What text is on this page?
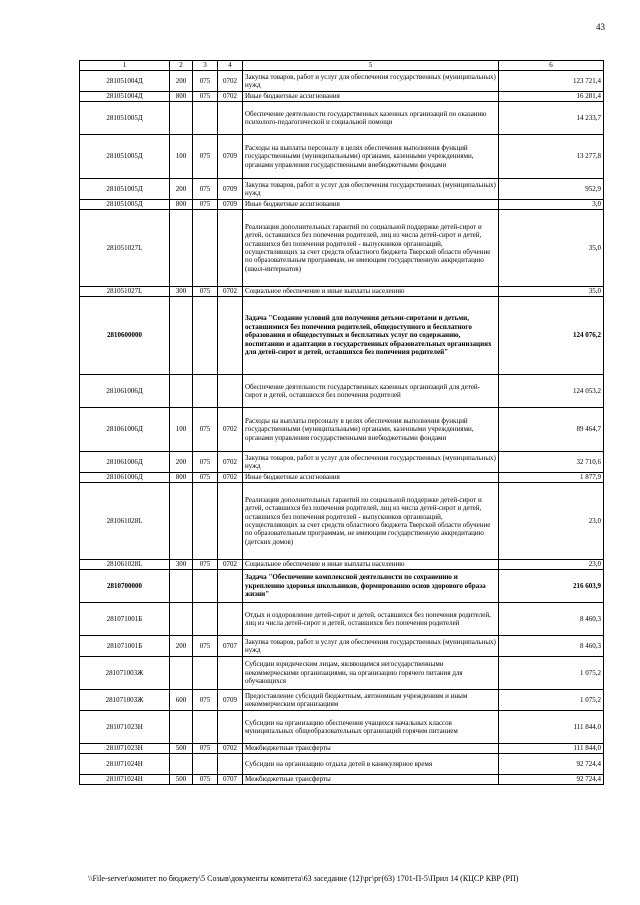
43
1	2	3	4	5	6
281051004Д	200	075	0702	Закупка товаров, работ и услуг для обеспечения государственных (муниципальных) нужд	123 721,4
281051004Д	800	075	0702	Иные бюджетные ассигнования	16 281,4
281051005Д				Обеспечение деятельности государственных казенных организаций по оказанию психолого-педагогической и социальной помощи	14 233,7
281051005Д	100	075	0709	Расходы на выплаты персоналу в целях обеспечения выполнения функций государственными (муниципальными) органами, казенными учреждениями, органами управления государственными внебюджетными фондами	13 277,8
281051005Д	200	075	0709	Закупка товаров, работ и услуг для обеспечения государственных (муниципальных) нужд	952,9
281051005Д	800	075	0709	Иные бюджетные ассигнования	3,0
281051027L				Реализация дополнительных гарантий по социальной поддержке детей-сирот и детей, оставшихся без попечения родителей, лиц из числа детей-сирот и детей, оставшихся без попечения родителей - выпускников организаций, осуществляющих за счет средств областного бюджета Тверской области обучение по образовательным программам, не имеющим государственную аккредитацию (школ-интернатов)	35,0
281051027L	300	075	0702	Социальное обеспечение и иные выплаты населению	35,0
2810600000				Задача "Создание условий для получения детьми-сиротами и детьми, оставшимися без попечения родителей, общедоступного и бесплатного образования и общедоступных и бесплатных услуг по содержанию, воспитанию и адаптации в государственных образовательных организациях для детей-сирот и детей, оставшихся без попечения родителей"	124 076,2
281061006Д				Обеспечение деятельности государственных казенных организаций для детей-сирот и детей, оставшихся без попечения родителей	124 053,2
281061006Д	100	075	0702	Расходы на выплаты персоналу в целях обеспечения выполнения функций государственными (муниципальными) органами, казенными учреждениями, органами управления государственными внебюджетными фондами	89 464,7
281061006Д	200	075	0702	Закупка товаров, работ и услуг для обеспечения государственных (муниципальных) нужд	32 710,6
281061006Д	800	075	0702	Иные бюджетные ассигнования	1 877,9
281061028L				Реализация дополнительных гарантий по социальной поддержке детей-сирот и детей, оставшихся без попечения родителей, лиц из числа детей-сирот и детей, оставшихся без попечения родителей - выпускников организаций, осуществляющих за счет средств областного бюджета Тверской области обучение по образовательным программам, не имеющим государственную аккредитацию (детских домов)	23,0
281061028L	300	075	0702	Социальное обеспечение и иные выплаты населению	23,0
2810700000				Задача "Обеспечение комплексной деятельности по сохранению и укреплению здоровья школьников, формированию основ здорового образа жизни"	216 603,9
281071001Б				Отдых и оздоровление детей-сирот и детей, оставшихся без попечения родителей, лиц из числа детей-сирот и детей, оставшихся без попечения родителей	8 460,3
281071001Б	200	075	0707	Закупка товаров, работ и услуг для обеспечения государственных (муниципальных) нужд	8 460,3
281071003Ж				Субсидии юридическим лицам, являющимся негосударственными некоммерческими организациями, на организацию горячего питания для обучающихся	1 075,2
281071003Ж	600	075	0709	Предоставление субсидий бюджетным, автономным учреждениям и иным некоммерческим организациям	1 075,2
281071023Н				Субсидии на организацию обеспечения учащихся начальных классов муниципальных общеобразовательных организаций горячим питанием	111 844,0
281071023Н	500	075	0702	Межбюджетные трансферты	111 844,0
281071024Н				Субсидии на организацию отдыха детей в каникулярное время	92 724,4
281071024Н	500	075	0707	Межбюджетные трансферты	92 724,4
\\File-server\комитет по бюджету\5 Созыв\документы комитета\63 заседание (12)\рг\рг(63) 1701-П-5\Прил 14 (КЦСР КВР (РП)
